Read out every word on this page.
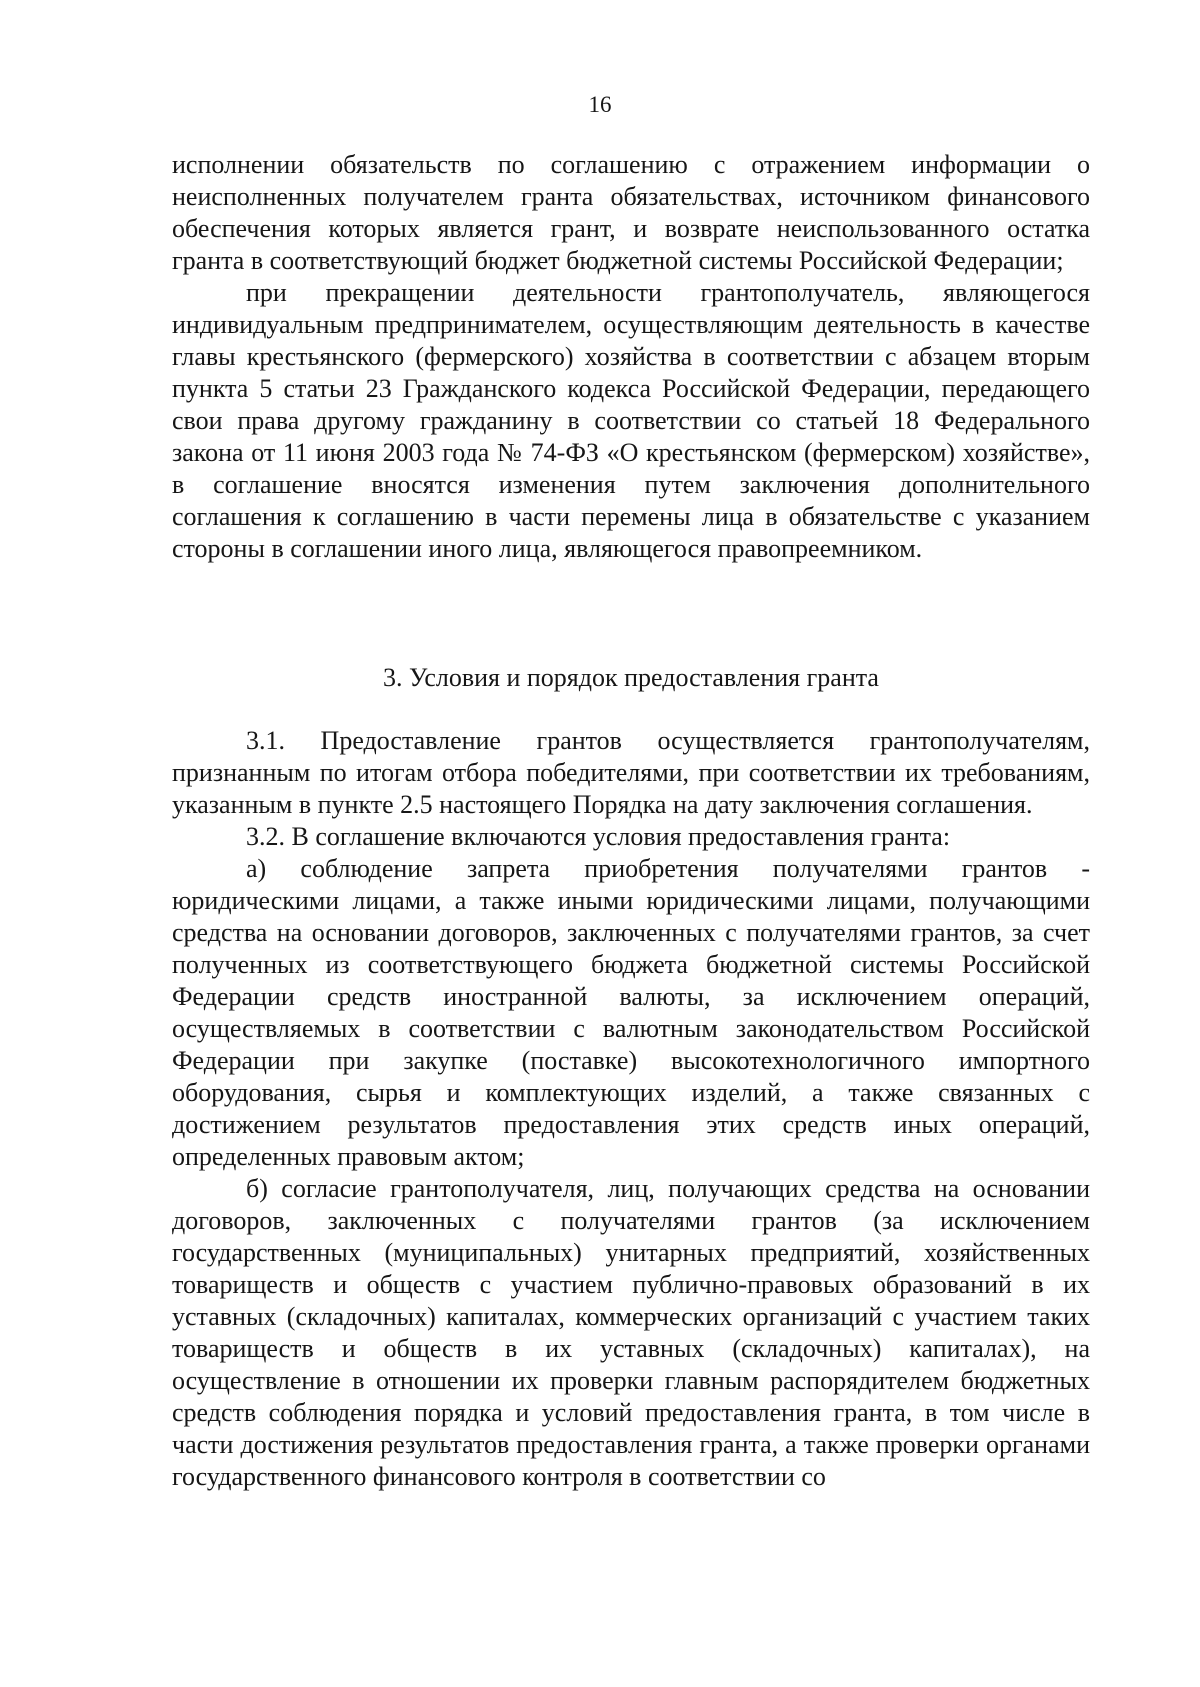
16

исполнении обязательств по соглашению с отражением информации о неисполненных получателем гранта обязательствах, источником финансового обеспечения которых является грант, и возврате неиспользованного остатка гранта в соответствующий бюджет бюджетной системы Российской Федерации;

при прекращении деятельности грантополучатель, являющегося индивидуальным предпринимателем, осуществляющим деятельность в качестве главы крестьянского (фермерского) хозяйства в соответствии с абзацем вторым пункта 5 статьи 23 Гражданского кодекса Российской Федерации, передающего свои права другому гражданину в соответствии со статьей 18 Федерального закона от 11 июня 2003 года № 74-ФЗ «О крестьянском (фермерском) хозяйстве», в соглашение вносятся изменения путем заключения дополнительного соглашения к соглашению в части перемены лица в обязательстве с указанием стороны в соглашении иного лица, являющегося правопреемником.

3. Условия и порядок предоставления гранта

3.1. Предоставление грантов осуществляется грантополучателям, признанным по итогам отбора победителями, при соответствии их требованиям, указанным в пункте 2.5 настоящего Порядка на дату заключения соглашения.

3.2. В соглашение включаются условия предоставления гранта:

а) соблюдение запрета приобретения получателями грантов - юридическими лицами, а также иными юридическими лицами, получающими средства на основании договоров, заключенных с получателями грантов, за счет полученных из соответствующего бюджета бюджетной системы Российской Федерации средств иностранной валюты, за исключением операций, осуществляемых в соответствии с валютным законодательством Российской Федерации при закупке (поставке) высокотехнологичного импортного оборудования, сырья и комплектующих изделий, а также связанных с достижением результатов предоставления этих средств иных операций, определенных правовым актом;

б) согласие грантополучателя, лиц, получающих средства на основании договоров, заключенных с получателями грантов (за исключением государственных (муниципальных) унитарных предприятий, хозяйственных товариществ и обществ с участием публично-правовых образований в их уставных (складочных) капиталах, коммерческих организаций с участием таких товариществ и обществ в их уставных (складочных) капиталах), на осуществление в отношении их проверки главным распорядителем бюджетных средств соблюдения порядка и условий предоставления гранта, в том числе в части достижения результатов предоставления гранта, а также проверки органами государственного финансового контроля в соответствии со
